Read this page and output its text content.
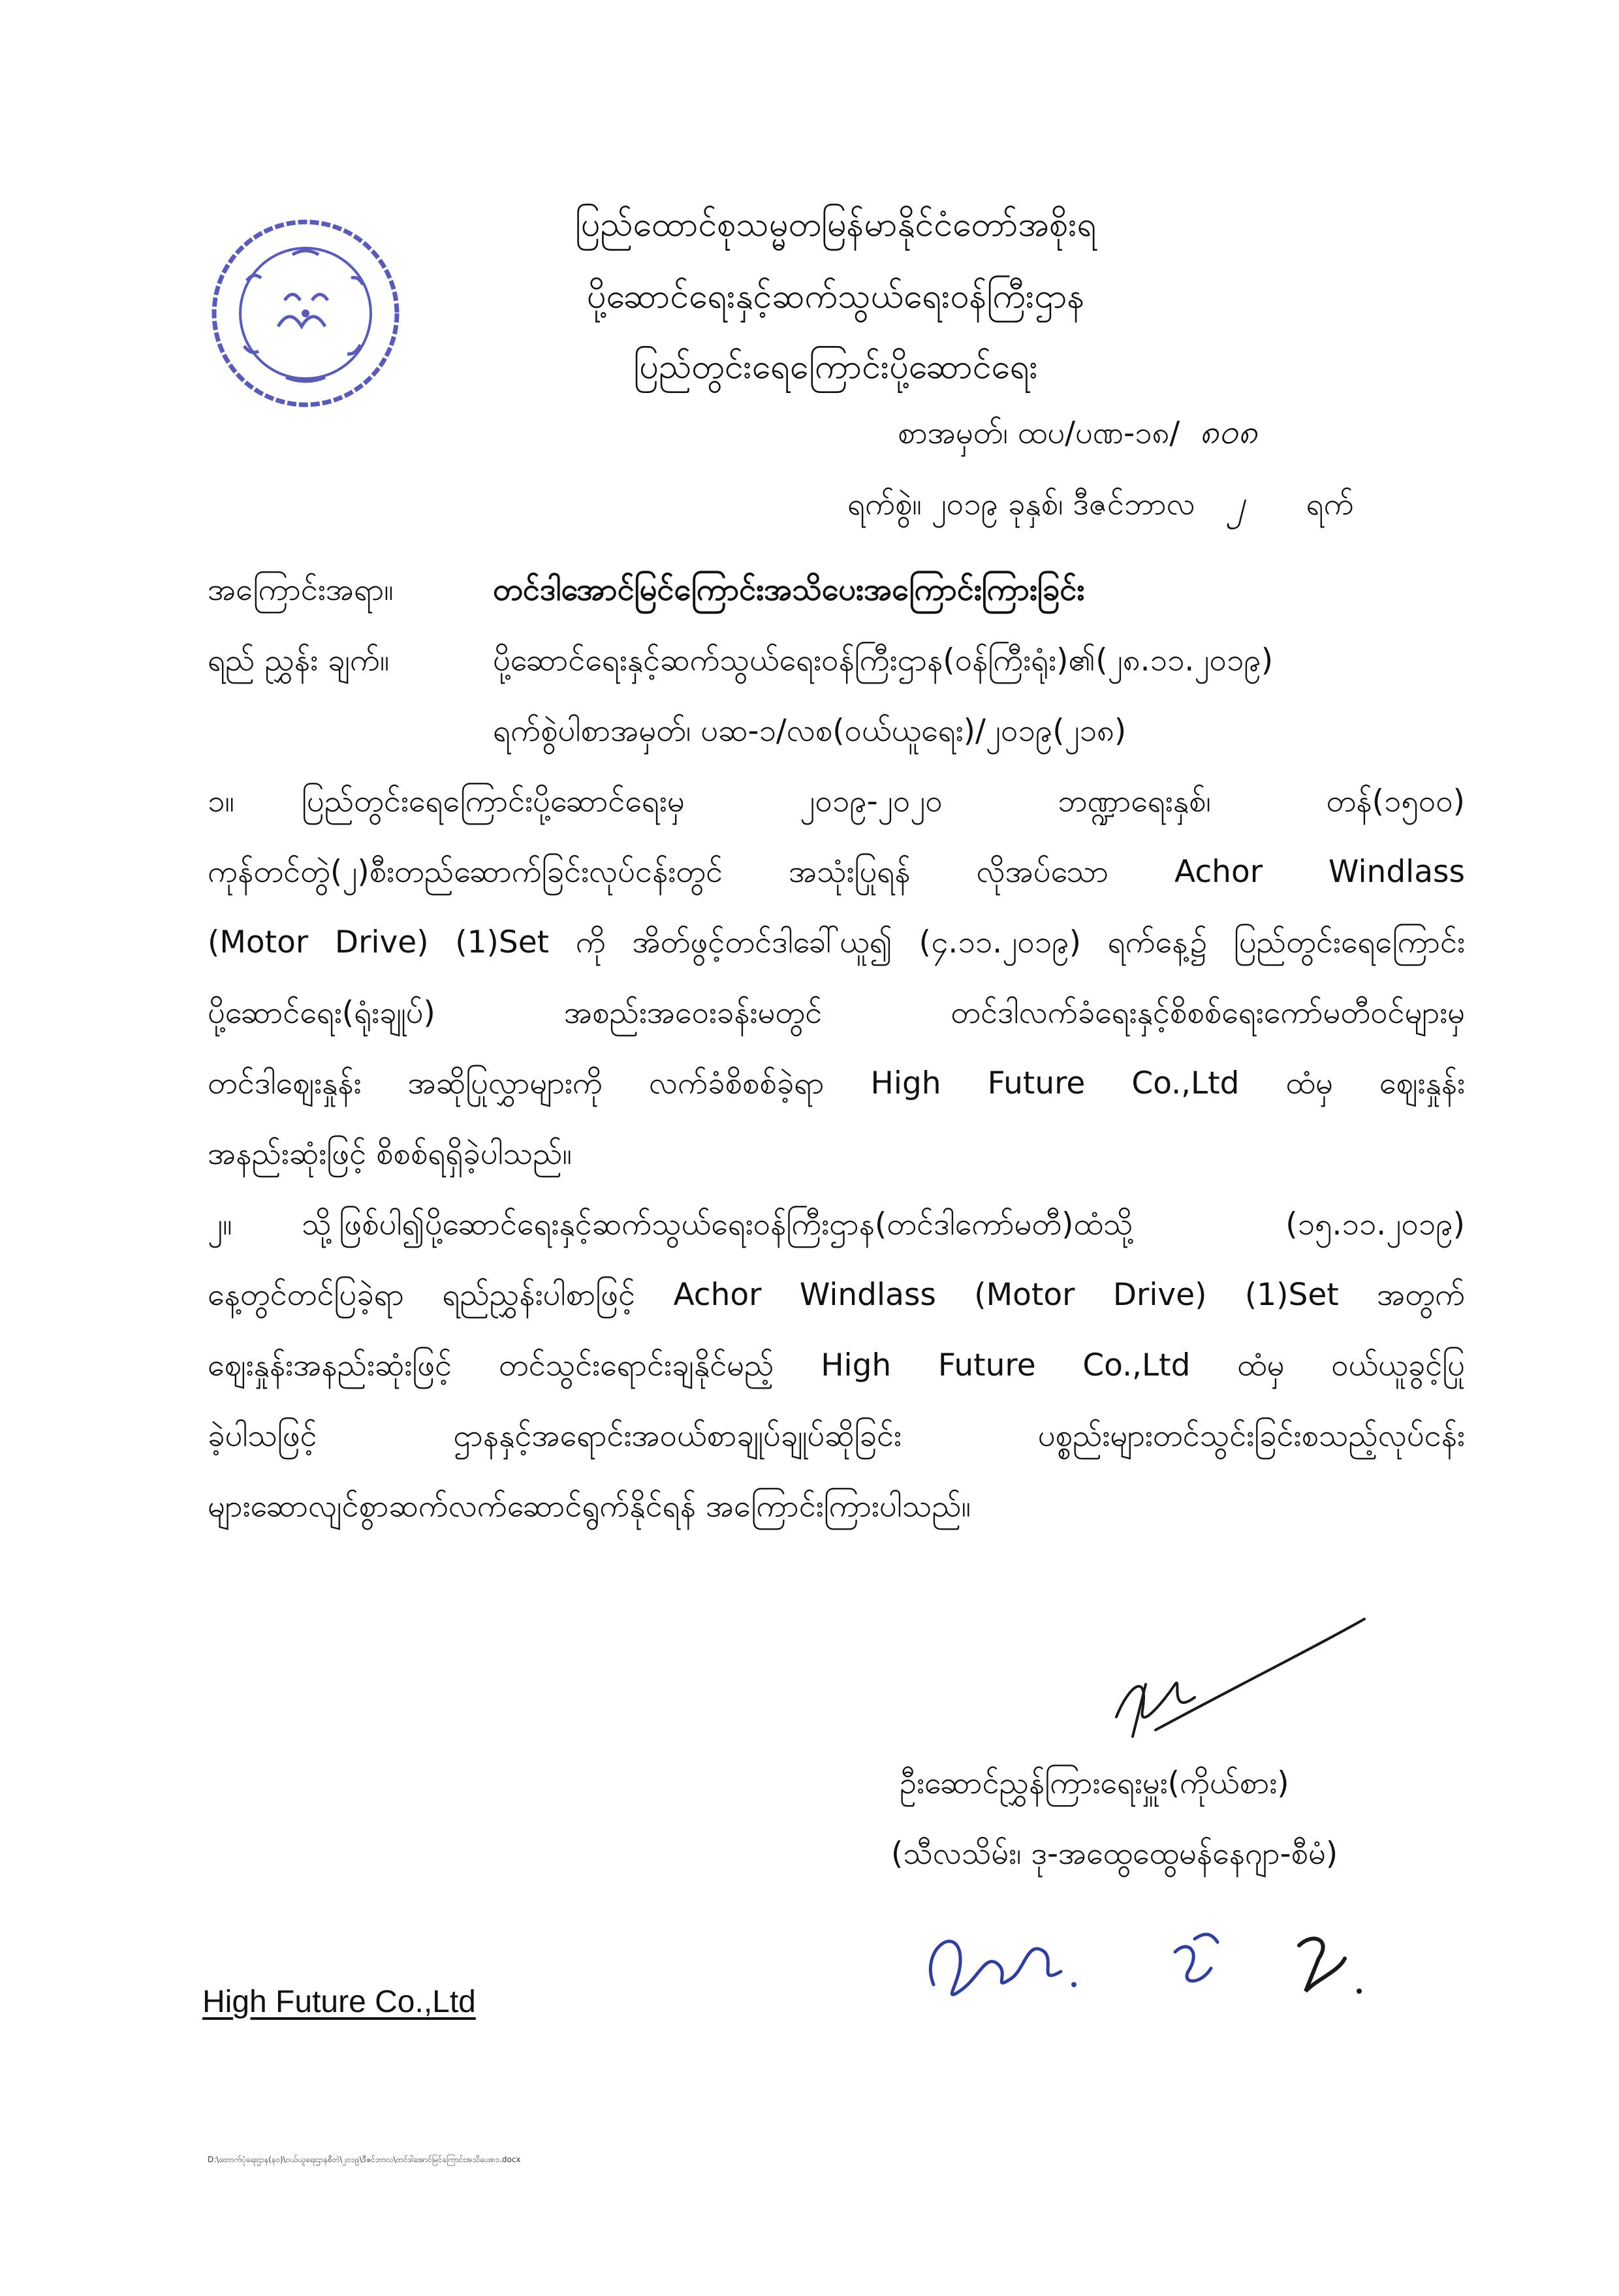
ပြည်ထောင်စုသမ္မတမြန်မာနိုင်ငံတော်အစိုးရ
ပို့ဆောင်ရေးနှင့်ဆက်သွယ်ရေးဝန်ကြီးဌာန
ပြည်တွင်းရေကြောင်းပို့ဆောင်ရေး
စာအမှတ်၊ ထပ/ပဏ-၁၈/ ၈၀၈
ရက်စွဲ။ ၂၀၁၉ ခုနှစ်၊ ဒီဇင်ဘာလ ၂ ရက်
အကြောင်းအရာ။	တင်ဒါအောင်မြင်ကြောင်းအသိပေးအကြောင်းကြားခြင်း
ရည် ညွှန်း ချက်။	ပို့ဆောင်ရေးနှင့်ဆက်သွယ်ရေးဝန်ကြီးဌာန(ဝန်ကြီးရုံး)၏(၂၈.၁၁.၂၀၁၉)
ရက်စွဲပါစာအမှတ်၊ ပဆ-၁/လစ(ဝယ်ယူရေး)/၂၀၁၉(၂၁၈)
၁။ ပြည်တွင်းရေကြောင်းပို့ဆောင်ရေးမှ ၂၀၁၉-၂၀၂၀ ဘဏ္ဍာရေးနှစ်၊ တန်(၁၅၀၀)
ကုန်တင်တွဲ(၂)စီးတည်ဆောက်ခြင်းလုပ်ငန်းတွင် အသုံးပြုရန် လိုအပ်သော Achor Windlass
(Motor Drive) (1)Set ကို အိတ်ဖွင့်တင်ဒါခေါ်ယူ၍ (၄.၁၁.၂၀၁၉) ရက်နေ့၌ ပြည်တွင်းရေကြောင်း
ပို့ဆောင်ရေး(ရုံးချုပ်) အစည်းအဝေးခန်းမတွင် တင်ဒါလက်ခံရေးနှင့်စိစစ်ရေးကော်မတီဝင်များမှ
တင်ဒါဈေးနှုန်း အဆိုပြုလွှာများကို လက်ခံစိစစ်ခဲ့ရာ High Future Co.,Ltd ထံမှ ဈေးနှုန်း
အနည်းဆုံးဖြင့် စိစစ်ရရှိခဲ့ပါသည်။
၂။ သို့ဖြစ်ပါ၍ပို့ဆောင်ရေးနှင့်ဆက်သွယ်ရေးဝန်ကြီးဌာန(တင်ဒါကော်မတီ)ထံသို့ (၁၅.၁၁.၂၀၁၉)
နေ့တွင်တင်ပြခဲ့ရာ ရည်ညွှန်းပါစာဖြင့် Achor Windlass (Motor Drive) (1)Set အတွက်
ဈေးနှုန်းအနည်းဆုံးဖြင့် တင်သွင်းရောင်းချနိုင်မည့် High Future Co.,Ltd ထံမှ ဝယ်ယူခွင့်ပြု
ခဲ့ပါသဖြင့် ဌာနနှင့်အရောင်းအဝယ်စာချုပ်ချုပ်ဆိုခြင်း ပစ္စည်းများတင်သွင်းခြင်းစသည့်လုပ်ငန်း
များဆောလျင်စွာဆက်လက်ဆောင်ရွက်နိုင်ရန် အကြောင်းကြားပါသည်။
ဦးဆောင်ညွှန်ကြားရေးမှူး(ကိုယ်စား)
(သီလသိမ်း၊ ဒု-အထွေထွေမန်နေဂျာ-စီမံ)
High Future Co.,Ltd
D:\တောက်ပုံရေးဌာန(နဝ)\ဝယ်ယူရေးဌာနစီတဲ\၂၀၁၉\ဒီဇင်ဘာလ\တင်ဒါအောင်မြင်ကြောင်းအသိပေး၈၁.docx
